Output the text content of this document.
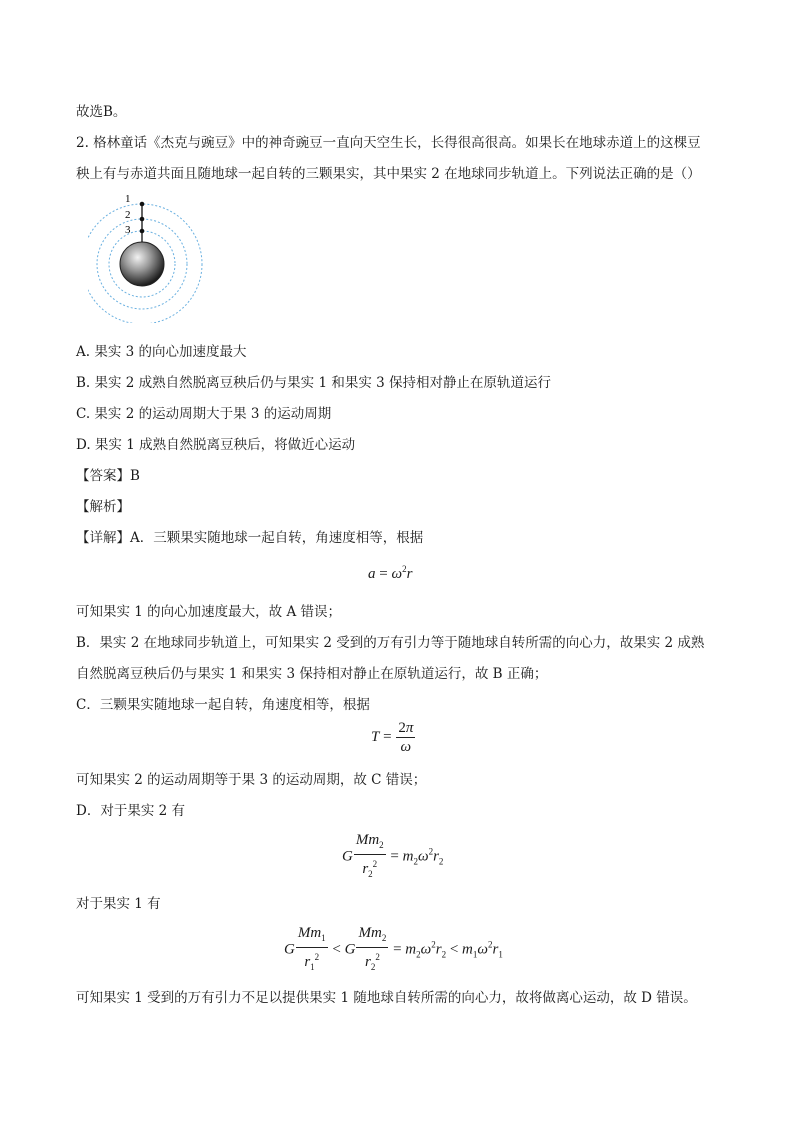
故选B。
2. 格林童话《杰克与豌豆》中的神奇豌豆一直向天空生长，长得很高很高。如果长在地球赤道上的这棵豆
秧上有与赤道共面且随地球一起自转的三颗果实，其中果实 2 在地球同步轨道上。下列说法正确的是（）
1
2
3
A. 果实 3 的向心加速度最大
B. 果实 2 成熟自然脱离豆秧后仍与果实 1 和果实 3 保持相对静止在原轨道运行
C. 果实 2 的运动周期大于果 3 的运动周期
D. 果实 1 成熟自然脱离豆秧后，将做近心运动
【答案】B
【解析】
【详解】A．三颗果实随地球一起自转，角速度相等，根据
$a = \omega^2r$
可知果实 1 的向心加速度最大，故 A 错误；
B．果实 2 在地球同步轨道上，可知果实 2 受到的万有引力等于随地球自转所需的向心力，故果实 2 成熟
自然脱离豆秧后仍与果实 1 和果实 3 保持相对静止在原轨道运行，故 B 正确；
C．三颗果实随地球一起自转，角速度相等，根据
$T = \frac{2\pi}{\omega}$
可知果实 2 的运动周期等于果 3 的运动周期，故 C 错误；
D．对于果实 2 有
G $\frac{Mm_2}{r_2^2} = m_2\omega^2r_2$
对于果实 1 有
G $\frac{Mm_1}{r_1^2} < G \frac{Mm_2}{r_2^2} = m_2\omega^2r_2 < m_1\omega^2r_1$
可知果实 1 受到的万有引力不足以提供果实 1 随地球自转所需的向心力，故将做离心运动，故 D 错误。
